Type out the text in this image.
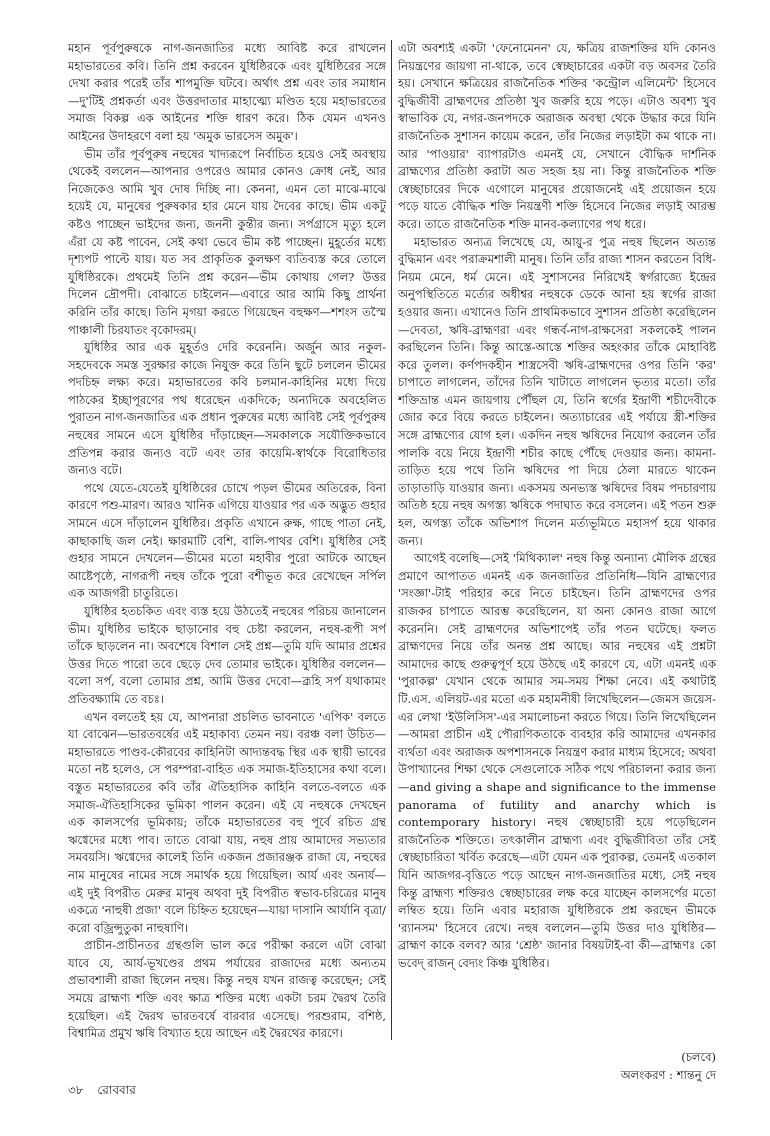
মহান পূর্বপুরুষকে নাগ-জনজাতির মধ্যে আবিষ্ট করে রাখলেন মহাভারতের কবি। তিনি প্রশ্ন করবেন যুধিষ্ঠিরকে এবং যুধিষ্ঠিরের সঙ্গে দেখা করার পরেই তাঁর শাপমুক্তি ঘটবে। অর্থাৎ প্রশ্ন এবং তার সমাধান—দু'টিই প্রশ্নকর্তা এবং উত্তরদাতার মাহাত্ম্যে মণ্ডিত হয়ে মহাভারতের সমাজ বিকল্প এক আইনের শক্তি ধারণ করে। ঠিক যেমন এখনও আইনের উদাহরণে বলা হয় 'অমুক ভারসেস অমুক'।

ভীম তাঁর পূর্বপুরুষ নহুষের খাদ্যরূপে নির্বাচিত হয়েও সেই অবস্থায় থেকেই বললেন—আপনার ওপরেও আমার কোনও ক্রোধ নেই, আর নিজেকেও আমি খুব দোষ দিচ্ছি না। কেননা, এমন তো মাঝে-মাঝে হয়েই যে, মানুষের পুরুষকার হার মেনে যায় দৈবের কাছে। ভীম একটু কষ্টও পাচ্ছেন ভাইদের জন্য, জননী কুন্তীর জন্য। সর্পগ্রাসে মৃত্যু হলে এঁরা যে কষ্ট পাবেন, সেই কথা ভেবে ভীম কষ্ট পাচ্ছেন। মুহূর্তের মধ্যে দৃশ্যপট পাল্টে যায়। যত সব প্রাকৃতিক কুলক্ষণ ব্যতিব্যস্ত করে তোলে যুধিষ্ঠিরকে। প্রথমেই তিনি প্রশ্ন করেন—ভীম কোথায় গেল? উত্তর দিলেন দ্রৌপদী। বোঝাতে চাইলেন—এবারে আর আমি কিছু প্রার্থনা করিনি তাঁর কাছে। তিনি মৃগয়া করতে গিয়েছেন বহুক্ষণ—শশংস তস্মৈ পাঞ্চালী চিরযাতং বৃকোদরম্।

যুধিষ্ঠির আর এক মুহূর্তও দেরি করেননি। অর্জুন আর নকুল-সহদেবকে সমস্ত সুরক্ষার কাজে নিযুক্ত করে তিনি ছুটে চললেন ভীমের পদচিহ্ন লক্ষ্য করে। মহাভারতের কবি চলমান-কাহিনির মধ্যে দিয়ে পাঠকের ইচ্ছাপূরণের পথ ধরেছেন একদিকে; অন্যদিকে অবহেলিত পুরাতন নাগ-জনজাতির এক প্রধান পুরুষের মধ্যে আবিষ্ট সেই পূর্বপুরুষ নহুষের সামনে এসে যুধিষ্ঠির দাঁড়াচ্ছেন—সমকালকে সযৌক্তিকভাবে প্রতিপন্ন করার জন্যও বটে এবং তার কায়েমি-স্বার্থকে বিরোধিতার জন্যও বটে।

পথে যেতে-যেতেই যুধিষ্ঠিরের চোখে পড়ল ভীমের অতিরেক, বিনা কারণে পশু-মারণ। আরও খানিক এগিয়ে যাওয়ার পর এক অদ্ভুত গুহার সামনে এসে দাঁড়ালেন যুধিষ্ঠির। প্রকৃতি এখানে রুক্ষ, গাছে পাতা নেই, কাছাকাছি জল নেই। ক্ষারমাটি বেশি, বালি-পাথর বেশি। যুধিষ্ঠির সেই গুহার সামনে দেখলেন—ভীমের মতো মহাবীর পুরো আটকে আছেন আষ্টেপৃষ্ঠে, নাগরূপী নহুষ তাঁকে পুরো বশীভূত করে রেখেছেন সর্পিল এক আজগরী চাতুরিতে।

যুধিষ্ঠির হতচকিত এবং ব্যস্ত হয়ে উঠতেই নহুষের পরিচয় জানালেন ভীম। যুধিষ্ঠির ভাইকে ছাড়ানোর বহু চেষ্টা করলেন, নহুষ-রূপী সর্প তাঁকে ছাড়লেন না। অবশেষে বিশাল সেই প্রশ্ন—তুমি যদি আমার প্রশ্নের উত্তর দিতে পারো তবে ছেড়ে দেব তোমার ভাইকে। যুধিষ্ঠির বললেন—বলো সর্প, বলো তোমার প্রশ্ন, আমি উত্তর দেবো—ব্রূহি সর্প যথাকামং প্রতিবক্ষ্যামি তে বচঃ।

এখন বলতেই হয় যে, আপনারা প্রচলিত ভাবনাতে 'এপিক' বলতে যা বোঝেন—ভারতবর্ষের এই মহাকাব্য তেমন নয়। বরঞ্চ বলা উচিত—মহাভারতে পাণ্ডব-কৌরবের কাহিনিটা আদ্যন্তবদ্ধ স্থির এক স্থায়ী ভাবের মতো নষ্ট হলেও, সে পরম্পরা-বাহিত এক সমাজ-ইতিহাসের কথা বলে। বস্তুত মহাভারতের কবি তাঁর ঐতিহাসিক কাহিনি বলতে-বলতে এক সমাজ-ঐতিহাসিকের ভূমিকা পালন করেন। এই যে নহুষকে দেখছেন এক কালসর্পের ভূমিকায়; তাঁকে মহাভারতের বহু পূর্বে রচিত গ্রন্থ ঋগ্বেদের মধ্যে পাব। তাতে বোঝা যায়, নহুষ প্রায় আমাদের সভ্যতার সমবয়সি। ঋগ্বেদের কালেই তিনি একজন প্রজারঞ্জক রাজা যে, নহুষের নাম মানুষের নামের সঙ্গে সমার্থক হয়ে গিয়েছিল। আর্য এবং অনার্য—এই দুই বিপরীত মেরুর মানুষ অথবা দুই বিপরীত স্বভাব-চরিত্রের মানুষ একত্রে 'নাহুষী প্রজা' বলে চিহ্নিত হয়েছেন—যায়া দাসানি আর্যানি বৃত্রা/করো বজ্রিন্সুতুকা নাহুষাণি।

প্রাচীন-প্রাচীনতর গ্রন্থগুলি ভাল করে পরীক্ষা করলে এটা বোঝা যাবে যে, আর্য-ভূখণ্ডের প্রথম পর্যায়ের রাজাদের মধ্যে অন্যতম প্রভাবশালী রাজা ছিলেন নহুষ। কিন্তু নহুষ যখন রাজত্ব করেছেন; সেই সময়ে ব্রাহ্মণ্য শক্তি এবং ক্ষাত্র শক্তির মধ্যে একটা চরম দ্বৈরথ তৈরি হয়েছিল। এই দ্বৈরথ ভারতবর্ষে বারবার এসেছে। পরশুরাম, বশিষ্ঠ, বিশ্বামিত্র প্রমুখ ঋষি বিখ্যাত হয়ে আছেন এই দ্বৈরথের কারণে।

এটা অবশ্যই একটা 'ফেনোমেনন' যে, ক্ষত্রিয় রাজশক্তির যদি কোনও নিয়ন্ত্রণের জায়গা না-থাকে, তবে স্বেচ্ছাচারের একটা বড় অবসর তৈরি হয়। সেখানে ক্ষত্রিয়ের রাজনৈতিক শক্তির 'কন্ট্রোল এলিমেন্ট' হিসেবে বুদ্ধিজীবী ব্রাহ্মণদের প্রতিষ্ঠা খুব জরুরি হয়ে পড়ে। এটাও অবশ্য খুব স্বাভাবিক যে, নগর-জনপদকে অরাজক অবস্থা থেকে উদ্ধার করে যিনি রাজনৈতিক সুশাসন কায়েম করেন, তাঁর নিজের লড়াইটা কম থাকে না। আর 'পাওয়ার' ব্যাপারটাও এমনই যে, সেখানে বৌদ্ধিক দার্শনিক ব্রাহ্মণ্যের প্রতিষ্ঠা করাটা অত সহজ হয় না। কিন্তু রাজনৈতিক শক্তি স্বেচ্ছাচারের দিকে এগোলে মানুষের প্রয়োজনেই এই প্রয়োজন হয়ে পড়ে যাতে বৌদ্ধিক শক্তি নিয়ন্ত্রণী শক্তি হিসেবে নিজের লড়াই আরম্ভ করে। তাতে রাজনৈতিক শক্তি মানব-কল্যাণের পথ ধরে।

মহাভারত অন্যত্র লিখেছে যে, আয়ু-র পুত্র নহুষ ছিলেন অত্যন্ত বুদ্ধিমান এবং পরাক্রমশালী মানুষ। তিনি তাঁর রাজ্য শাসন করতেন বিধি-নিয়ম মেনে, ধর্ম মেনে। এই সুশাসনের নিরিখেই স্বর্গরাজ্যে ইন্দ্রের অনুপস্থিতিতে মর্ত্যের অধীশ্বর নহুষকে ডেকে আনা হয় স্বর্গের রাজা হওয়ার জন্য। এখানেও তিনি প্রাথমিকভাবে সুশাসন প্রতিষ্ঠা করেছিলেন—দেবতা, ঋষি-ব্রাহ্মণরা এবং গন্ধর্ব-নাগ-রাক্ষসেরা সকলকেই পালন করছিলেন তিনি। কিন্তু আস্তে-আস্তে শক্তির অহংকার তাঁকে মোহাবিষ্ট করে তুলল। কর্ণপদকহীন শাস্ত্রসেবী ঋষি-ব্রাহ্মণদের ওপর তিনি 'কর' চাপাতে লাগলেন, তাঁদের তিনি খাটাতে লাগলেন ভৃত্যর মতো। তাঁর শক্তিভ্রান্ত এমন জায়গায় পৌঁছল যে, তিনি স্বর্গের ইন্দ্রাণী শচীদেবীকে জোর করে বিয়ে করতে চাইলেন। অত্যাচারের এই পর্যায়ে স্ত্রী-শক্তির সঙ্গে ব্রাহ্মণ্যের যোগ হল। একদিন নহুষ ঋষিদের নিযোগ করলেন তাঁর পালকি বয়ে নিয়ে ইন্দ্রাণী শচীর কাছে পৌঁছে দেওয়ার জন্য। কামনা-তাড়িত হয়ে পথে তিনি ঋষিদের পা দিয়ে ঠেলা মারতে থাকেন তাড়াতাড়ি যাওয়ার জন্য। একসময় অনভ্যস্ত ঋষিদের বিষম পদচারণায় অতিষ্ঠ হয়ে নহুষ অগস্ত্য ঋষিকে পদাঘাত করে বসলেন। এই পতন শুরু হল, অগস্ত্য তাঁকে অভিশাপ দিলেন মর্ত্যভূমিতে মহাসর্প হয়ে থাকার জন্য।

আগেই বলেছি—সেই 'মিথিক্যাল' নহুষ কিন্তু অন্যান্য মৌলিক গ্রন্থের প্রমাণে আপাতত এমনই এক জনজাতির প্রতিনিধি—যিনি ব্রাহ্মণ্যের 'সংজ্ঞা'-টাই পরিহার করে নিতে চাইছেন। তিনি ব্রাহ্মণদের ওপর রাজকর চাপাতে আরম্ভ করেছিলেন, যা অন্য কোনও রাজা আগে করেননি। সেই ব্রাহ্মণদের অভিশাপেই তাঁর পতন ঘটেছে। ফলত ব্রাহ্মণদের নিয়ে তাঁর অনন্ত প্রশ্ন আছে। আর নহুষের এই প্রশ্নটা আমাদের কাছে গুরুত্বপূর্ণ হয়ে উঠছে এই কারণে যে, এটা এমনই এক 'পুরাকল্প' যেখান থেকে আমার সম-সময় শিক্ষা নেবে। এই কথাটাই টি.এস. এলিয়ট-এর মতো এক মহামনীষী লিখেছিলেন—জেমস জয়েস-এর লেখা 'ইউলিসিস'-এর সমালোচনা করতে গিয়ে। তিনি লিখেছিলেন—আমরা প্রাচীন এই পৌরাণিকতাকে ব্যবহার করি আমাদের এখনকার ব্যর্থতা এবং অরাজক অপশাসনকে নিয়ন্ত্রণ করার মাধ্যম হিসেবে; অথবা উপাখ্যানের শিক্ষা থেকে সেগুলোকে সঠিক পথে পরিচালনা করার জন্য—and giving a shape and significance to the immense panorama of futility and anarchy which is contemporary history। নহুষ স্বেচ্ছাচারী হয়ে পড়েছিলেন রাজনৈতিক শক্তিতে। তৎকালীন ব্রাহ্মণ্য এবং বুদ্ধিজীবিতা তাঁর সেই স্বেচ্ছাচারিতা খর্বিত করেছে—এটা যেমন এক পুরাকল্প, তেমনই এতকাল যিনি আজগর-বৃত্তিতে পড়ে আছেন নাগ-জনজাতির মধ্যে, সেই নহুষ কিন্তু ব্রাহ্মণ্য শক্তিরও স্বেচ্ছাচারের লক্ষ করে যাচ্ছেন কালসর্পের মতো লম্বিত হয়ে। তিনি এবার মহারাজ যুধিষ্ঠিরকে প্রশ্ন করছেন ভীমকে 'র‍্যানসম' হিসেবে রেখে। নহুষ বললেন—তুমি উত্তর দাও যুধিষ্ঠির—ব্রাহ্মণ কাকে বলব? আর 'শ্রেষ্ঠ' জানার বিষয়টাই-বা কী—ব্রাহ্মণঃ কো ভবেদ্ রাজন্ বেদ্যং কিঞ্চ যুধিষ্ঠির।

(চলবে)
অলংকরণ : শান্তনু দে
৩৮ রোববার
